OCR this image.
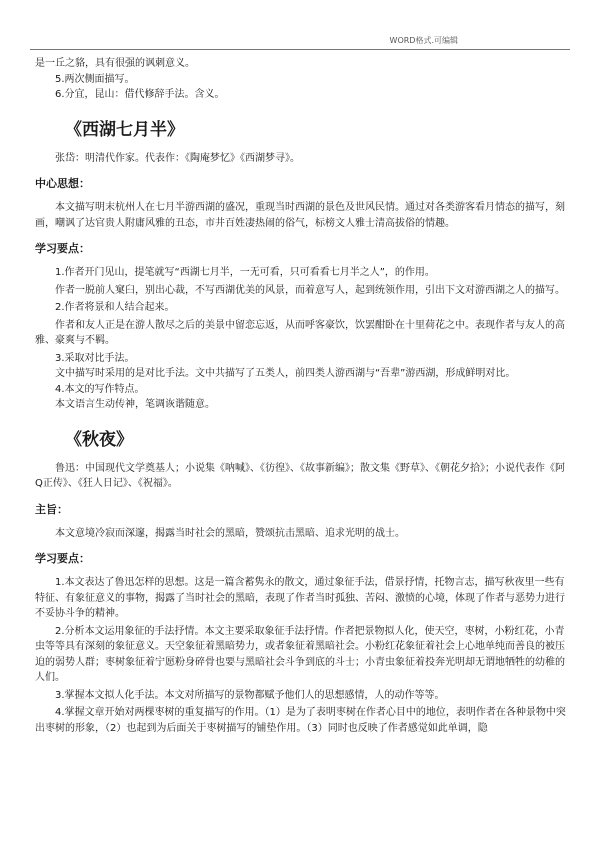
WORD格式.可编辑

是一丘之貉，具有很强的讽刺意义。

5.两次侧面描写。

6.分宜，昆山：借代修辞手法。含义。

《西湖七月半》

张岱：明清代作家。代表作：《陶庵梦忆》《西湖梦寻》。

中心思想：

本文描写明末杭州人在七月半游西湖的盛况，重现当时西湖的景色及世风民情。通过对各类游客看月情态的描写，刻画，嘲讽了达官贵人附庸风雅的丑态，市井百姓凄热闹的俗气，标榜文人雅士清高拔俗的情趣。

学习要点：

1.作者开门见山，提笔就写“西湖七月半，一无可看，只可看看七月半之人”，的作用。

作者一脱前人窠臼，别出心裁，不写西湖优美的风景，而着意写人，起到统领作用，引出下文对游西湖之人的描写。

2.作者将景和人结合起来。

作者和友人正是在游人散尽之后的美景中留恋忘返，从而呼客豪饮，饮罢酣卧在十里荷花之中。表现作者与友人的高雅、豪爽与不羁。

3.采取对比手法。

文中描写时采用的是对比手法。文中共描写了五类人，前四类人游西湖与“吾辈”游西湖，形成鲜明对比。

4.本文的写作特点。

本文语言生动传神，笔调诙谐随意。

《秋夜》

鲁迅：中国现代文学奠基人；小说集《呐喊》、《彷徨》、《故事新编》；散文集《野草》、《朝花夕拾》；小说代表作《阿Q正传》、《狂人日记》、《祝福》。

主旨：

本文意境冷寂而深邃，揭露当时社会的黑暗，赞颂抗击黑暗、追求光明的战士。

学习要点：

1.本文表达了鲁迅怎样的思想。这是一篇含蓄隽永的散文，通过象征手法，借景抒情，托物言志，描写秋夜里一些有特征、有象征意义的事物，揭露了当时社会的黑暗，表现了作者当时孤独、苦闷、激愤的心境，体现了作者与恶势力进行不妥协斗争的精神。

2.分析本文运用象征的手法抒情。本文主要采取象征手法抒情。作者把景物拟人化，使天空，枣树，小粉红花，小青虫等等具有深刻的象征意义。天空象征着黑暗势力，或者象征着黑暗社会。小粉红花象征着社会上心地单纯而善良的被压迫的弱势人群；枣树象征着宁愿粉身碎骨也要与黑暗社会斗争到底的斗士；小青虫象征着投奔光明却无谓地牺牲的幼稚的人们。

3.掌握本文拟人化手法。本文对所描写的景物都赋予他们人的思想感情，人的动作等等。

4.掌握文章开始对两棵枣树的重复描写的作用。（1）是为了表明枣树在作者心目中的地位，表明作者在各种景物中突出枣树的形象，（2）也起到为后面关于枣树描写的铺垫作用。（3）同时也反映了作者感觉如此单调，隐
